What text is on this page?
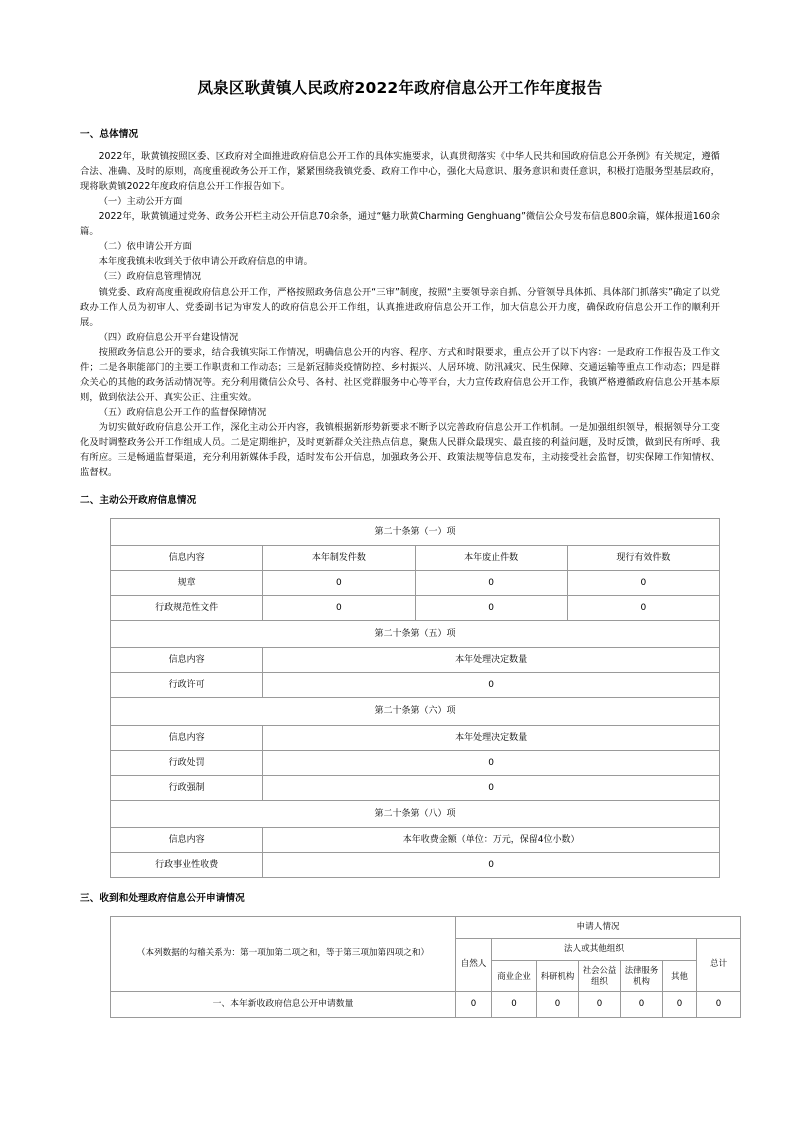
凤泉区耿黄镇人民政府2022年政府信息公开工作年度报告
一、总体情况

2022年，耿黄镇按照区委、区政府对全面推进政府信息公开工作的具体实施要求，认真贯彻落实《中华人民共和国政府信息公开条例》有关规定，遵循合法、准确、及时的原则，高度重视政务公开工作，紧紧围绕我镇党委、政府工作中心，强化大局意识、服务意识和责任意识，积极打造服务型基层政府，现将耿黄镇2022年度政府信息公开工作报告如下。

（一）主动公开方面

2022年，耿黄镇通过党务、政务公开栏主动公开信息70余条，通过“魅力耿黄Charming Genghuang”微信公众号发布信息800余篇，媒体报道160余篇。

（二）依申请公开方面

本年度我镇未收到关于依申请公开政府信息的申请。

（三）政府信息管理情况

镇党委、政府高度重视政府信息公开工作，严格按照政务信息公开“三审”制度，按照“主要领导亲自抓、分管领导具体抓、具体部门抓落实”确定了以党政办工作人员为初审人、党委副书记为审发人的政府信息公开工作组，认真推进政府信息公开工作，加大信息公开力度，确保政府信息公开工作的顺利开展。

（四）政府信息公开平台建设情况

按照政务信息公开的要求，结合我镇实际工作情况，明确信息公开的内容、程序、方式和时限要求，重点公开了以下内容：一是政府工作报告及工作文件；二是各职能部门的主要工作职责和工作动态；三是新冠肺炎疫情防控、乡村振兴、人居环境、防汛减灾、民生保障、交通运输等重点工作动态；四是群众关心的其他的政务活动情况等。充分利用微信公众号、各村、社区党群服务中心等平台，大力宣传政府信息公开工作，我镇严格遵循政府信息公开基本原则，做到依法公开、真实公正、注重实效。

（五）政府信息公开工作的监督保障情况

为切实做好政府信息公开工作，深化主动公开内容，我镇根据新形势新要求不断予以完善政府信息公开工作机制。一是加强组织领导，根据领导分工变化及时调整政务公开工作组成人员。二是定期维护，及时更新群众关注热点信息，聚焦人民群众最现实、最直接的利益问题，及时反馈，做到民有所呼、我有所应。三是畅通监督渠道，充分利用新媒体手段，适时发布公开信息，加强政务公开、政策法规等信息发布，主动接受社会监督，切实保障工作知情权、监督权。

二、主动公开政府信息情况
第二十条第（一）项			
信息内容	本年制发件数	本年废止件数	现行有效件数
规章	0	0	0
行政规范性文件	0	0	0
第二十条第（五）项			
信息内容	本年处理决定数量		
行政许可	0		
第二十条第（六）项			
信息内容	本年处理决定数量		
行政处罚	0		
行政强制	0		
第二十条第（八）项			
信息内容	本年收费金额（单位：万元，保留4位小数）		
行政事业性收费	0		
三、收到和处理政府信息公开申请情况
（本列数据的勾稽关系为：第一项加第二项之和，等于第三项加第四项之和）	申请人情况						
	自然人	法人或其他组织					总计
		商业企业	科研机构	社会公益组织	法律服务机构	其他	
一、本年新收政府信息公开申请数量	0	0	0	0	0	0	0
